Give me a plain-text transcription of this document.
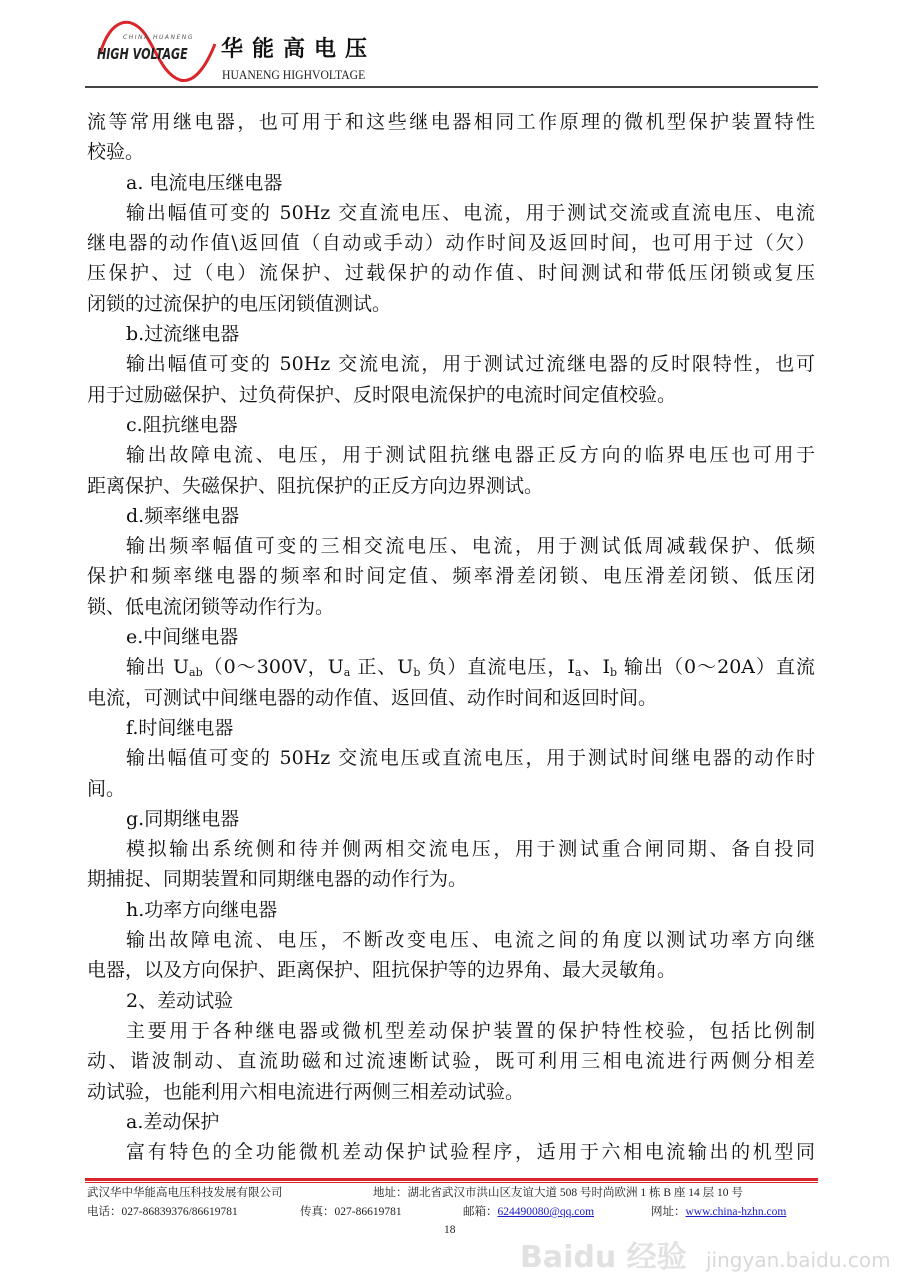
CHINA HUANENG
HIGH VOLTAGE 华能高电压
HUANENG HIGHVOLTAGE
流等常用继电器，也可用于和这些继电器相同工作原理的微机型保护装置特性
校验。
a. 电流电压继电器
输出幅值可变的 50Hz 交直流电压、电流，用于测试交流或直流电压、电流
继电器的动作值\返回值（自动或手动）动作时间及返回时间，也可用于过（欠）
压保护、过（电）流保护、过载保护的动作值、时间测试和带低压闭锁或复压
闭锁的过流保护的电压闭锁值测试。
b.过流继电器
输出幅值可变的 50Hz 交流电流，用于测试过流继电器的反时限特性，也可
用于过励磁保护、过负荷保护、反时限电流保护的电流时间定值校验。
c.阻抗继电器
输出故障电流、电压，用于测试阻抗继电器正反方向的临界电压也可用于
距离保护、失磁保护、阻抗保护的正反方向边界测试。
d.频率继电器
输出频率幅值可变的三相交流电压、电流，用于测试低周减载保护、低频
保护和频率继电器的频率和时间定值、频率滑差闭锁、电压滑差闭锁、低压闭
锁、低电流闭锁等动作行为。
e.中间继电器
输出 $U_{ab}(0\sim 300V$，$U_a$ 正、$U_b$ 负）直流电压，$I_a$、$I_b$ 输出（0～20A）直流
电流，可测试中间继电器的动作值、返回值、动作时间和返回时间。
f.时间继电器
输出幅值可变的 50Hz 交流电压或直流电压，用于测试时间继电器的动作时
间。
g.同期继电器
模拟输出系统侧和待并侧两相交流电压，用于测试重合闸同期、备自投同
期捕捉、同期装置和同期继电器的动作行为。
h.功率方向继电器
输出故障电流、电压，不断改变电压、电流之间的角度以测试功率方向继
电器，以及方向保护、距离保护、阻抗保护等的边界角、最大灵敏角。
2、差动试验
主要用于各种继电器或微机型差动保护装置的保护特性校验，包括比例制
动、谐波制动、直流助磁和过流速断试验，既可利用三相电流进行两侧分相差
动试验，也能利用六相电流进行两侧三相差动试验。
a.差动保护
富有特色的全功能微机差动保护试验程序，适用于六相电流输出的机型同
武汉华中华能高电压科技发展有限公司	地址：湖北省武汉市洪山区友谊大道 508 号时尚欧洲 1 栋 B 座 14 层 10 号
电话：027-86839376/86619781	传真：027-86619781	邮箱：624490080@qq.com	网址：www.china-hzhn.com
18
Baidu 经验 jingyan.baidu.com
